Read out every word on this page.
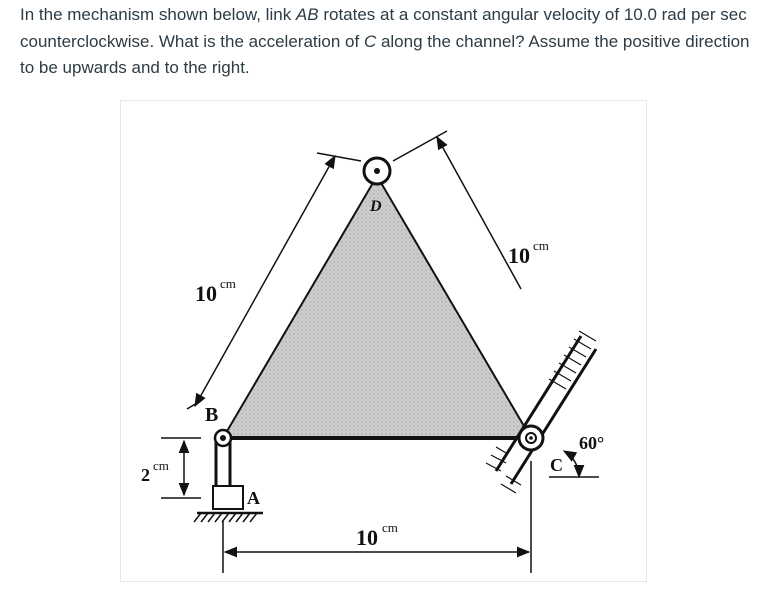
In the mechanism shown below, link AB rotates at a constant angular velocity of 10.0 rad per sec counterclockwise. What is the acceleration of C along the channel? Assume the positive direction to be upwards and to the right.
D
B
A
C
10 cm
10 cm
10 cm
2 cm
60°
